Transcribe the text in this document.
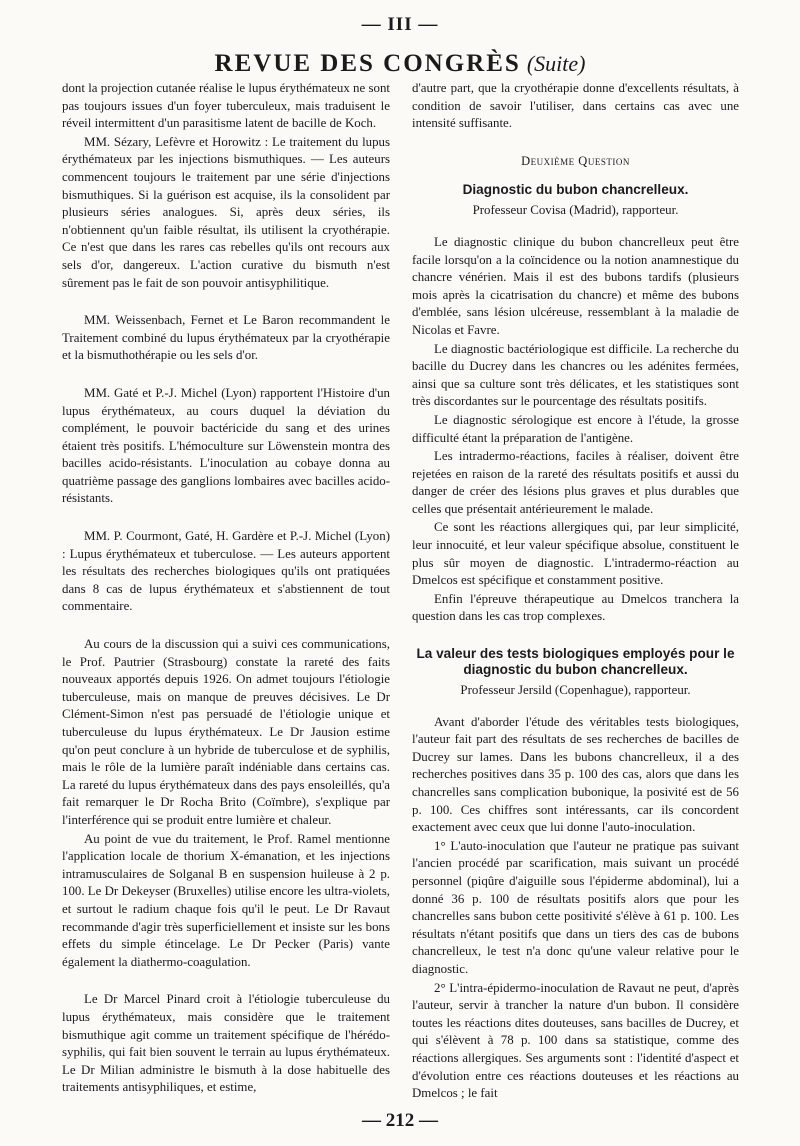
— III —
REVUE DES CONGRÈS (Suite)

dont la projection cutanée réalise le lupus érythémateux ne sont pas toujours issues d'un foyer tuberculeux, mais traduisent le réveil intermittent d'un parasitisme latent de bacille de Koch.

MM. Sézary, Lefèvre et Horowitz : Le traitement du lupus érythémateux par les injections bismuthiques. — Les auteurs commencent toujours le traitement par une série d'injections bismuthiques. Si la guérison est acquise, ils la consolident par plusieurs séries analogues. Si, après deux séries, ils n'obtiennent qu'un faible résultat, ils utilisent la cryothérapie. Ce n'est que dans les rares cas rebelles qu'ils ont recours aux sels d'or, dangereux. L'action curative du bismuth n'est sûrement pas le fait de son pouvoir antisyphilitique.

MM. Weissenbach, Fernet et Le Baron recommandent le Traitement combiné du lupus érythémateux par la cryothérapie et la bismuthothérapie ou les sels d'or.

MM. Gaté et P.-J. Michel (Lyon) rapportent l'Histoire d'un lupus érythémateux, au cours duquel la déviation du complément, le pouvoir bactéricide du sang et des urines étaient très positifs. L'hémoculture sur Löwenstein montra des bacilles acido-résistants. L'inoculation au cobaye donna au quatrième passage des ganglions lombaires avec bacilles acido-résistants.

MM. P. Courmont, Gaté, H. Gardère et P.-J. Michel (Lyon) : Lupus érythémateux et tuberculose. — Les auteurs apportent les résultats des recherches biologiques qu'ils ont pratiquées dans 8 cas de lupus érythémateux et s'abstiennent de tout commentaire.

Au cours de la discussion qui a suivi ces communications, le Prof. Pautrier (Strasbourg) constate la rareté des faits nouveaux apportés depuis 1926. On admet toujours l'étiologie tuberculeuse, mais on manque de preuves décisives. Le Dr Clément-Simon n'est pas persuadé de l'étiologie unique et tuberculeuse du lupus érythémateux. Le Dr Jausion estime qu'on peut conclure à un hybride de tuberculose et de syphilis, mais le rôle de la lumière paraît indéniable dans certains cas. La rareté du lupus érythémateux dans des pays ensoleillés, qu'a fait remarquer le Dr Rocha Brito (Coïmbre), s'explique par l'interférence qui se produit entre lumière et chaleur.

Au point de vue du traitement, le Prof. Ramel mentionne l'application locale de thorium X-émanation, et les injections intramusculaires de Solganal B en suspension huileuse à 2 p. 100. Le Dr Dekeyser (Bruxelles) utilise encore les ultra-violets, et surtout le radium chaque fois qu'il le peut. Le Dr Ravaut recommande d'agir très superficiellement et insiste sur les bons effets du simple étincelage. Le Dr Pecker (Paris) vante également la diathermo-coagulation.

Le Dr Marcel Pinard croit à l'étiologie tuberculeuse du lupus érythémateux, mais considère que le traitement bismuthique agit comme un traitement spécifique de l'hérédo-syphilis, qui fait bien souvent le terrain au lupus érythémateux. Le Dr Milian administre le bismuth à la dose habituelle des traitements antisyphiliques, et estime,

d'autre part, que la cryothérapie donne d'excellents résultats, à condition de savoir l'utiliser, dans certains cas avec une intensité suffisante.

Deuxième Question
Diagnostic du bubon chancrelleux.
Professeur Covisa (Madrid), rapporteur.

Le diagnostic clinique du bubon chancrelleux peut être facile lorsqu'on a la coïncidence ou la notion anamnestique du chancre vénérien. Mais il est des bubons tardifs (plusieurs mois après la cicatrisation du chancre) et même des bubons d'emblée, sans lésion ulcéreuse, ressemblant à la maladie de Nicolas et Favre.

Le diagnostic bactériologique est difficile. La recherche du bacille du Ducrey dans les chancres ou les adénites fermées, ainsi que sa culture sont très délicates, et les statistiques sont très discordantes sur le pourcentage des résultats positifs.

Le diagnostic sérologique est encore à l'étude, la grosse difficulté étant la préparation de l'antigène.

Les intradermo-réactions, faciles à réaliser, doivent être rejetées en raison de la rareté des résultats positifs et aussi du danger de créer des lésions plus graves et plus durables que celles que présentait antérieurement le malade.

Ce sont les réactions allergiques qui, par leur simplicité, leur innocuité, et leur valeur spécifique absolue, constituent le plus sûr moyen de diagnostic. L'intradermo-réaction au Dmelcos est spécifique et constamment positive.

Enfin l'épreuve thérapeutique au Dmelcos tranchera la question dans les cas trop complexes.

La valeur des tests biologiques employés pour le diagnostic du bubon chancrelleux.
Professeur Jersild (Copenhague), rapporteur.

Avant d'aborder l'étude des véritables tests biologiques, l'auteur fait part des résultats de ses recherches de bacilles de Ducrey sur lames. Dans les bubons chancrelleux, il a des recherches positives dans 35 p. 100 des cas, alors que dans les chancrelles sans complication bubonique, la posivité est de 56 p. 100. Ces chiffres sont intéressants, car ils concordent exactement avec ceux que lui donne l'auto-inoculation.

1° L'auto-inoculation que l'auteur ne pratique pas suivant l'ancien procédé par scarification, mais suivant un procédé personnel (piqûre d'aiguille sous l'épiderme abdominal), lui a donné 36 p. 100 de résultats positifs alors que pour les chancrelles sans bubon cette positivité s'élève à 61 p. 100. Les résultats n'étant positifs que dans un tiers des cas de bubons chancrelleux, le test n'a donc qu'une valeur relative pour le diagnostic.

2° L'intra-épidermo-inoculation de Ravaut ne peut, d'après l'auteur, servir à trancher la nature d'un bubon. Il considère toutes les réactions dites douteuses, sans bacilles de Ducrey, et qui s'élèvent à 78 p. 100 dans sa statistique, comme des réactions allergiques. Ses arguments sont : l'identité d'aspect et d'évolution entre ces réactions douteuses et les réactions au Dmelcos ; le fait

— 212 —
